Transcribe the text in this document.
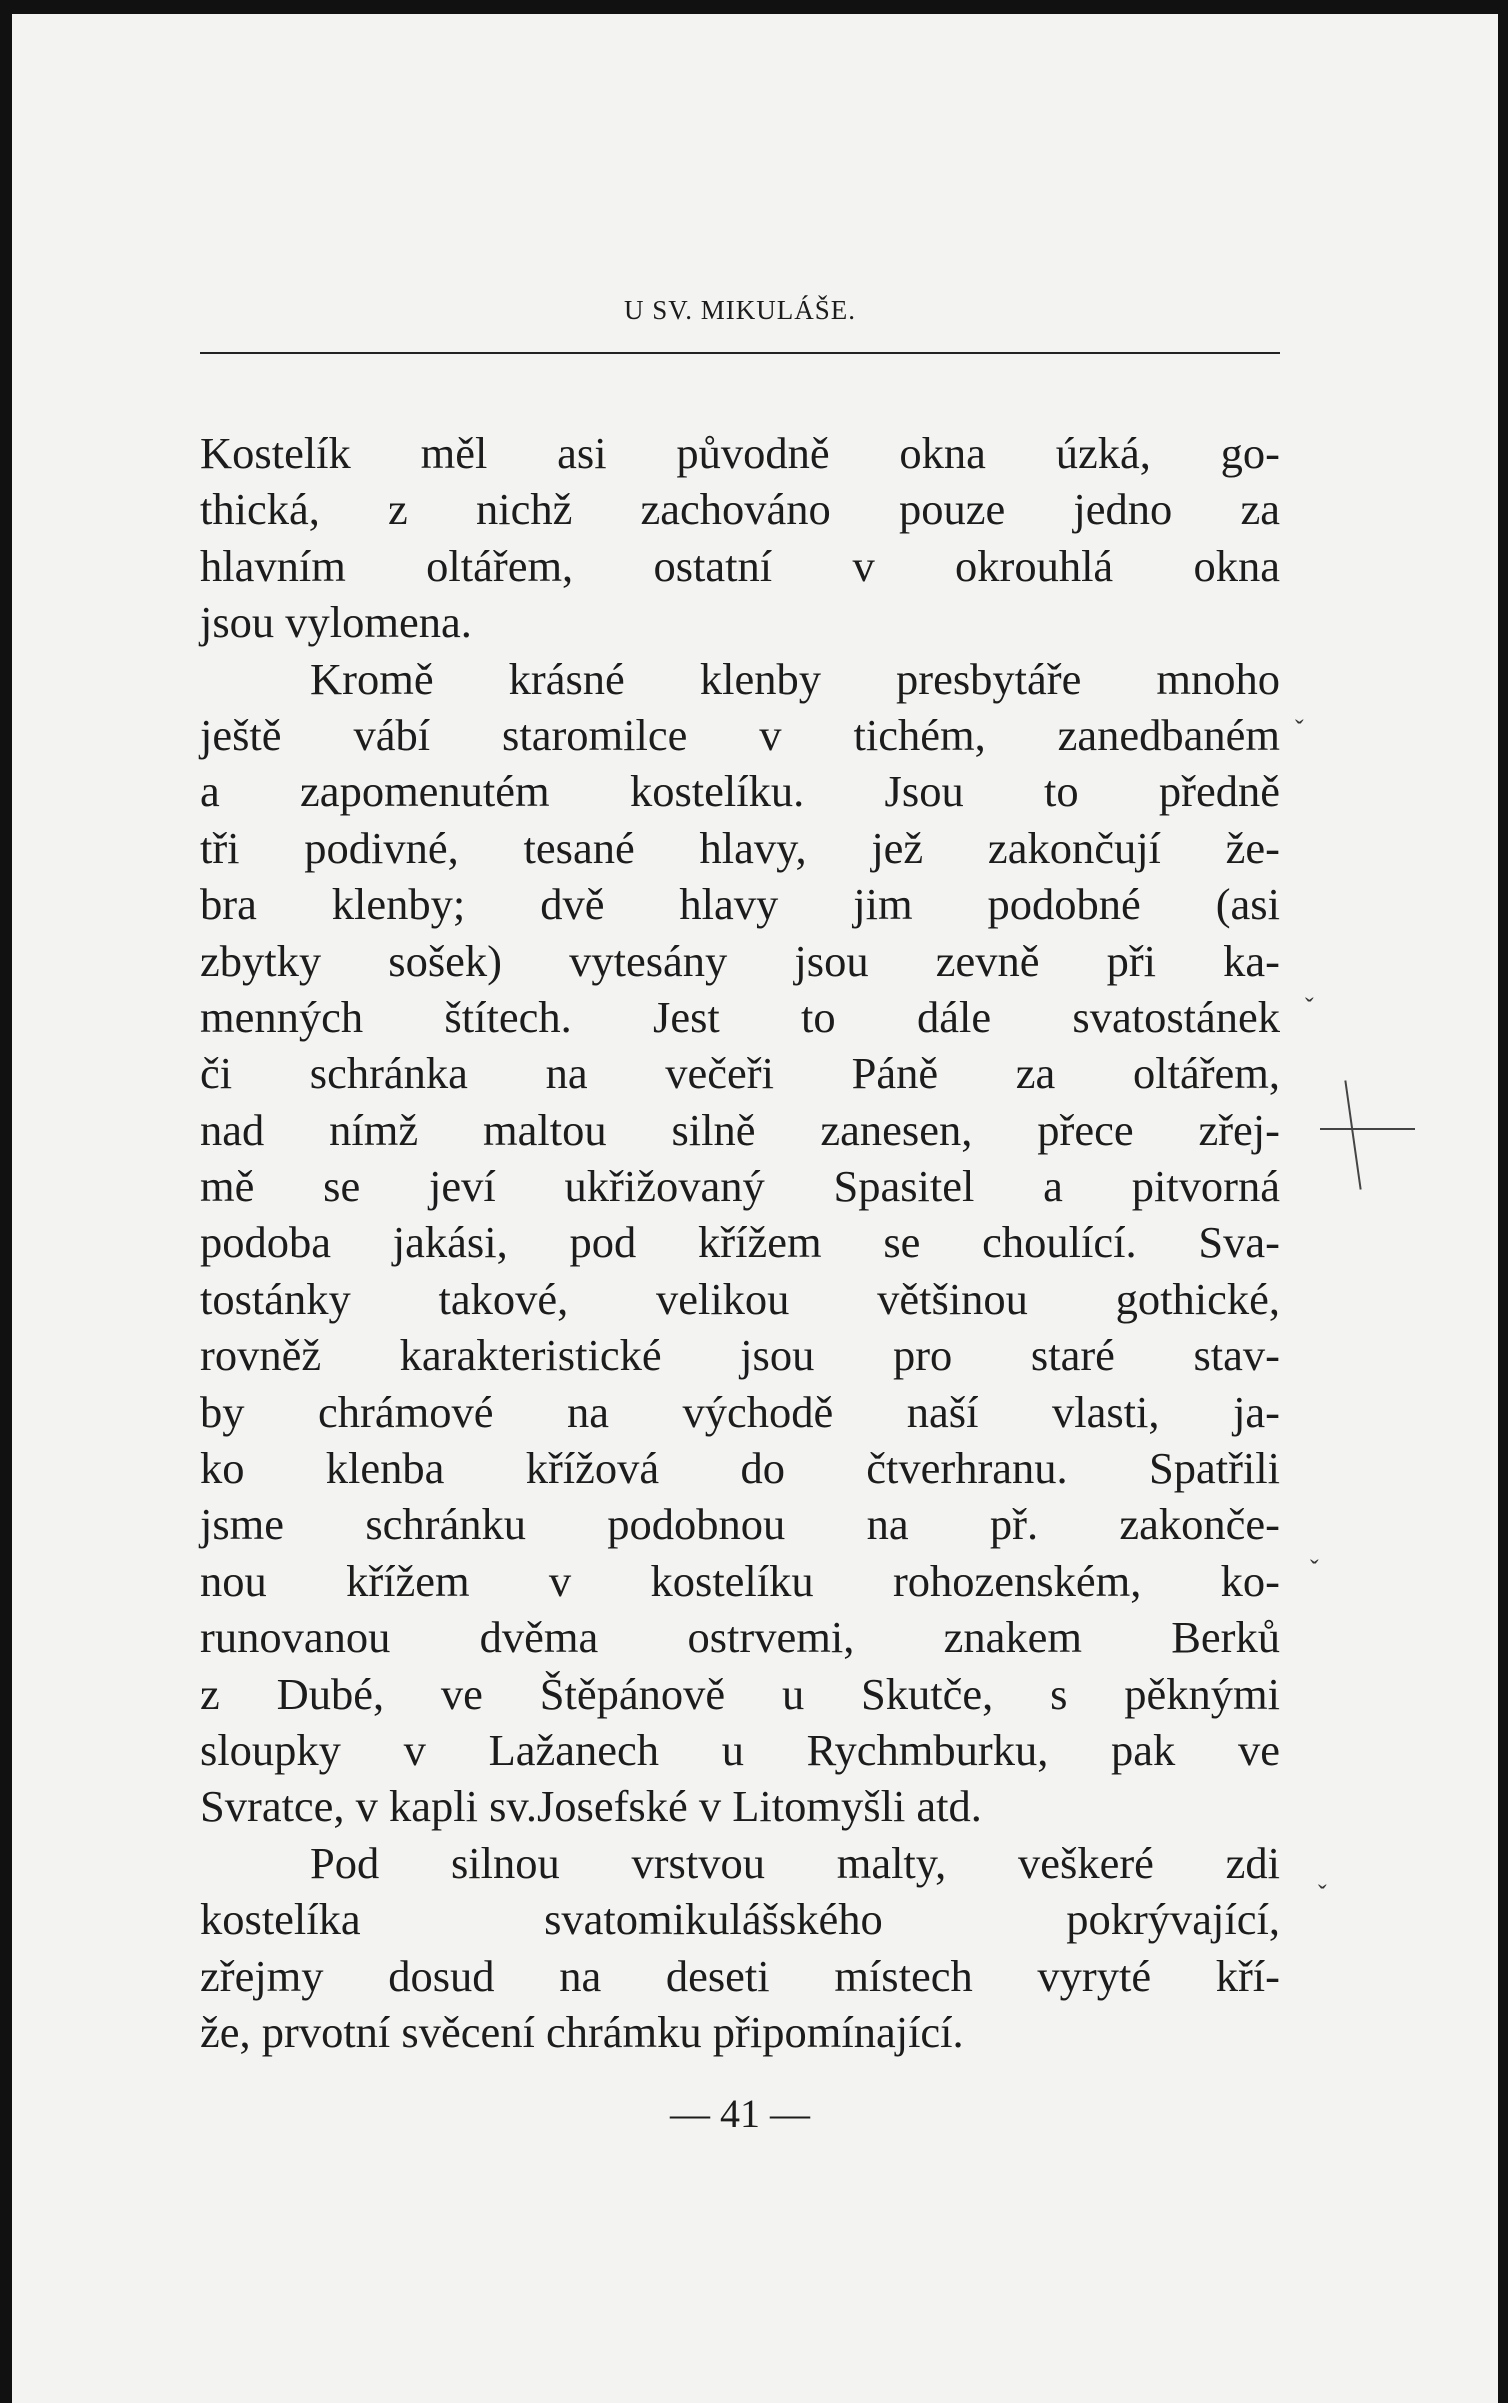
U SV. MIKULÁŠE.
Kostelík měl asi původně okna úzká, go-
thická, z nichž zachováno pouze jedno za
hlavním oltářem, ostatní v okrouhlá okna
jsou vylomena.
Kromě krásné klenby presbytáře mnoho
ještě vábí staromilce v tichém, zanedbaném
a zapomenutém kostelíku. Jsou to předně
tři podivné, tesané hlavy, jež zakončují že-
bra klenby; dvě hlavy jim podobné (asi
zbytky sošek) vytesány jsou zevně při ka-
menných štítech. Jest to dále svatostánek
či schránka na večeři Páně za oltářem,
nad nímž maltou silně zanesen, přece zřej-
mě se jeví ukřižovaný Spasitel a pitvorná
podoba jakási, pod křížem se choulící. Sva-
tostánky takové, velikou většinou gothické,
rovněž karakteristické jsou pro staré stav-
by chrámové na východě naší vlasti, ja-
ko klenba křížová do čtverhranu. Spatřili
jsme schránku podobnou na př. zakonče-
nou křížem v kostelíku rohozenském, ko-
runovanou dvěma ostrvemi, znakem Berků
z Dubé, ve Štěpánově u Skutče, s pěknými
sloupky v Lažanech u Rychmburku, pak ve
Svratce, v kapli sv.Josefské v Litomyšli atd.
Pod silnou vrstvou malty, veškeré zdi
kostelíka svatomikulášského pokrývající,
zřejmy dosud na deseti místech vyryté kří-
že, prvotní svěcení chrámku připomínající.
— 41 —
ˇ
ˇ
ˇ
ˇ
